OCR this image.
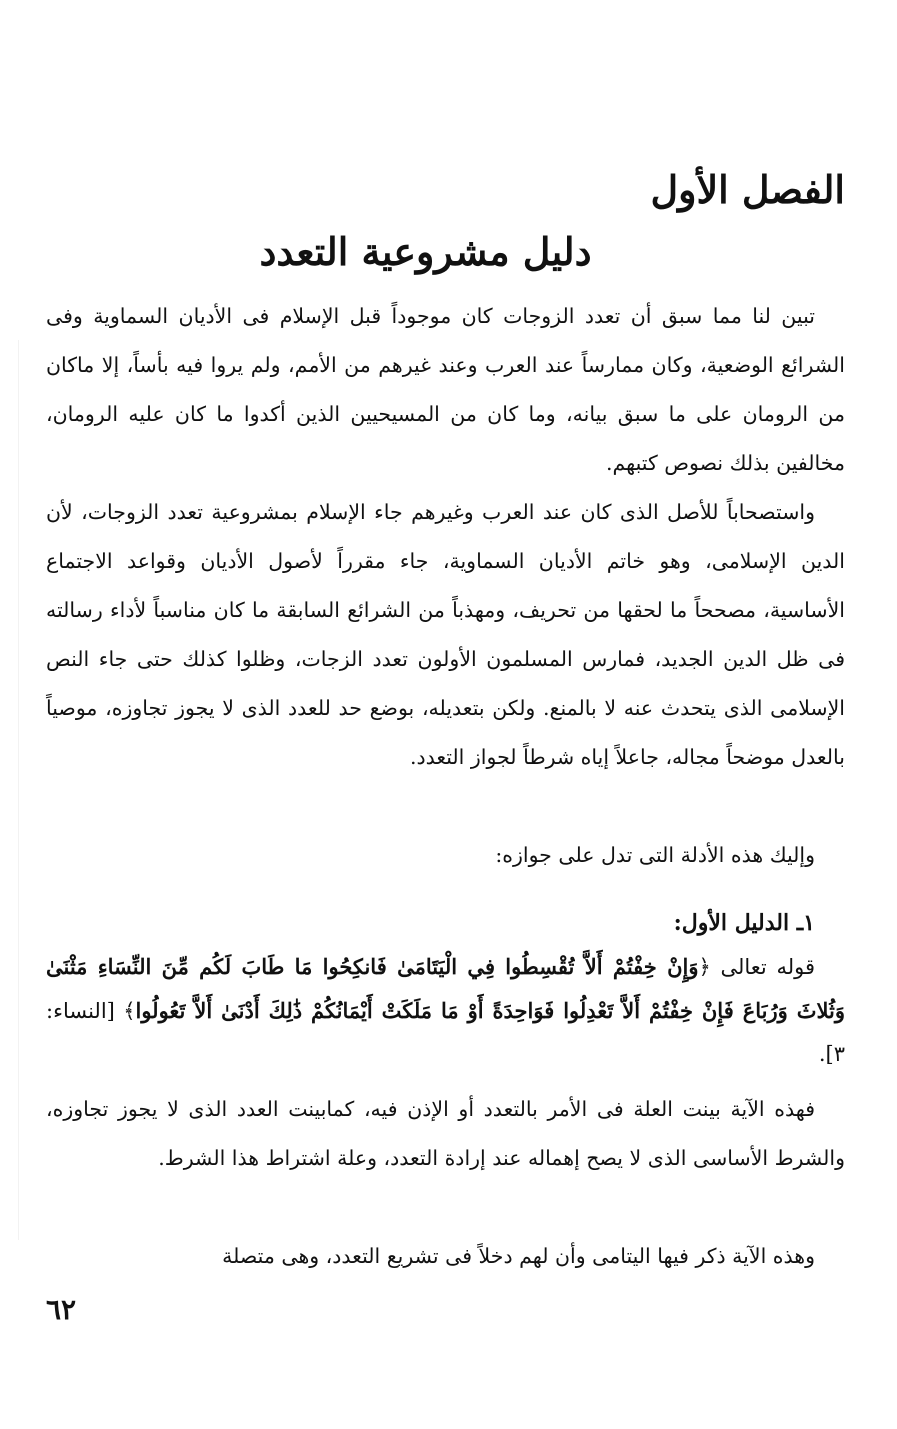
الفصل الأول
دليل مشروعية التعدد

تبين لنا مما سبق أن تعدد الزوجات كان موجوداً قبل الإسلام فى الأديان السماوية وفى الشرائع الوضعية، وكان ممارساً عند العرب وعند غيرهم من الأمم، ولم يروا فيه بأساً، إلا ماكان من الرومان على ما سبق بيانه، وما كان من المسيحيين الذين أكدوا ما كان عليه الرومان، مخالفين بذلك نصوص كتبهم.

واستصحاباً للأصل الذى كان عند العرب وغيرهم جاء الإسلام بمشروعية تعدد الزوجات، لأن الدين الإسلامى، وهو خاتم الأديان السماوية، جاء مقرراً لأصول الأديان وقواعد الاجتماع الأساسية، مصححاً ما لحقها من تحريف، ومهذباً من الشرائع السابقة ما كان مناسباً لأداء رسالته فى ظل الدين الجديد، فمارس المسلمون الأولون تعدد الزجات، وظلوا كذلك حتى جاء النص الإسلامى الذى يتحدث عنه لا بالمنع. ولكن بتعديله، بوضع حد للعدد الذى لا يجوز تجاوزه، موصياً بالعدل موضحاً مجاله، جاعلاً إياه شرطاً لجواز التعدد.

وإليك هذه الأدلة التى تدل على جوازه:

١ـ الدليل الأول:

قوله تعالى ﴿وَإِنْ خِفْتُمْ أَلاَّ تُقْسِطُوا فِي الْيَتَامَىٰ فَانكِحُوا مَا طَابَ لَكُم مِّنَ النِّسَاءِ مَثْنَىٰ وَثُلاثَ وَرُبَاعَ فَإِنْ خِفْتُمْ أَلاَّ تَعْدِلُوا فَوَاحِدَةً أَوْ مَا مَلَكَتْ أَيْمَانُكُمْ ذَٰلِكَ أَدْنَىٰ أَلاَّ تَعُولُوا﴾ [النساء: ٣].

فهذه الآية بينت العلة فى الأمر بالتعدد أو الإذن فيه، كمابينت العدد الذى لا يجوز تجاوزه، والشرط الأساسى الذى لا يصح إهماله عند إرادة التعدد، وعلة اشتراط هذا الشرط.

وهذه الآية ذكر فيها اليتامى وأن لهم دخلاً فى تشريع التعدد، وهى متصلة

٦٢
